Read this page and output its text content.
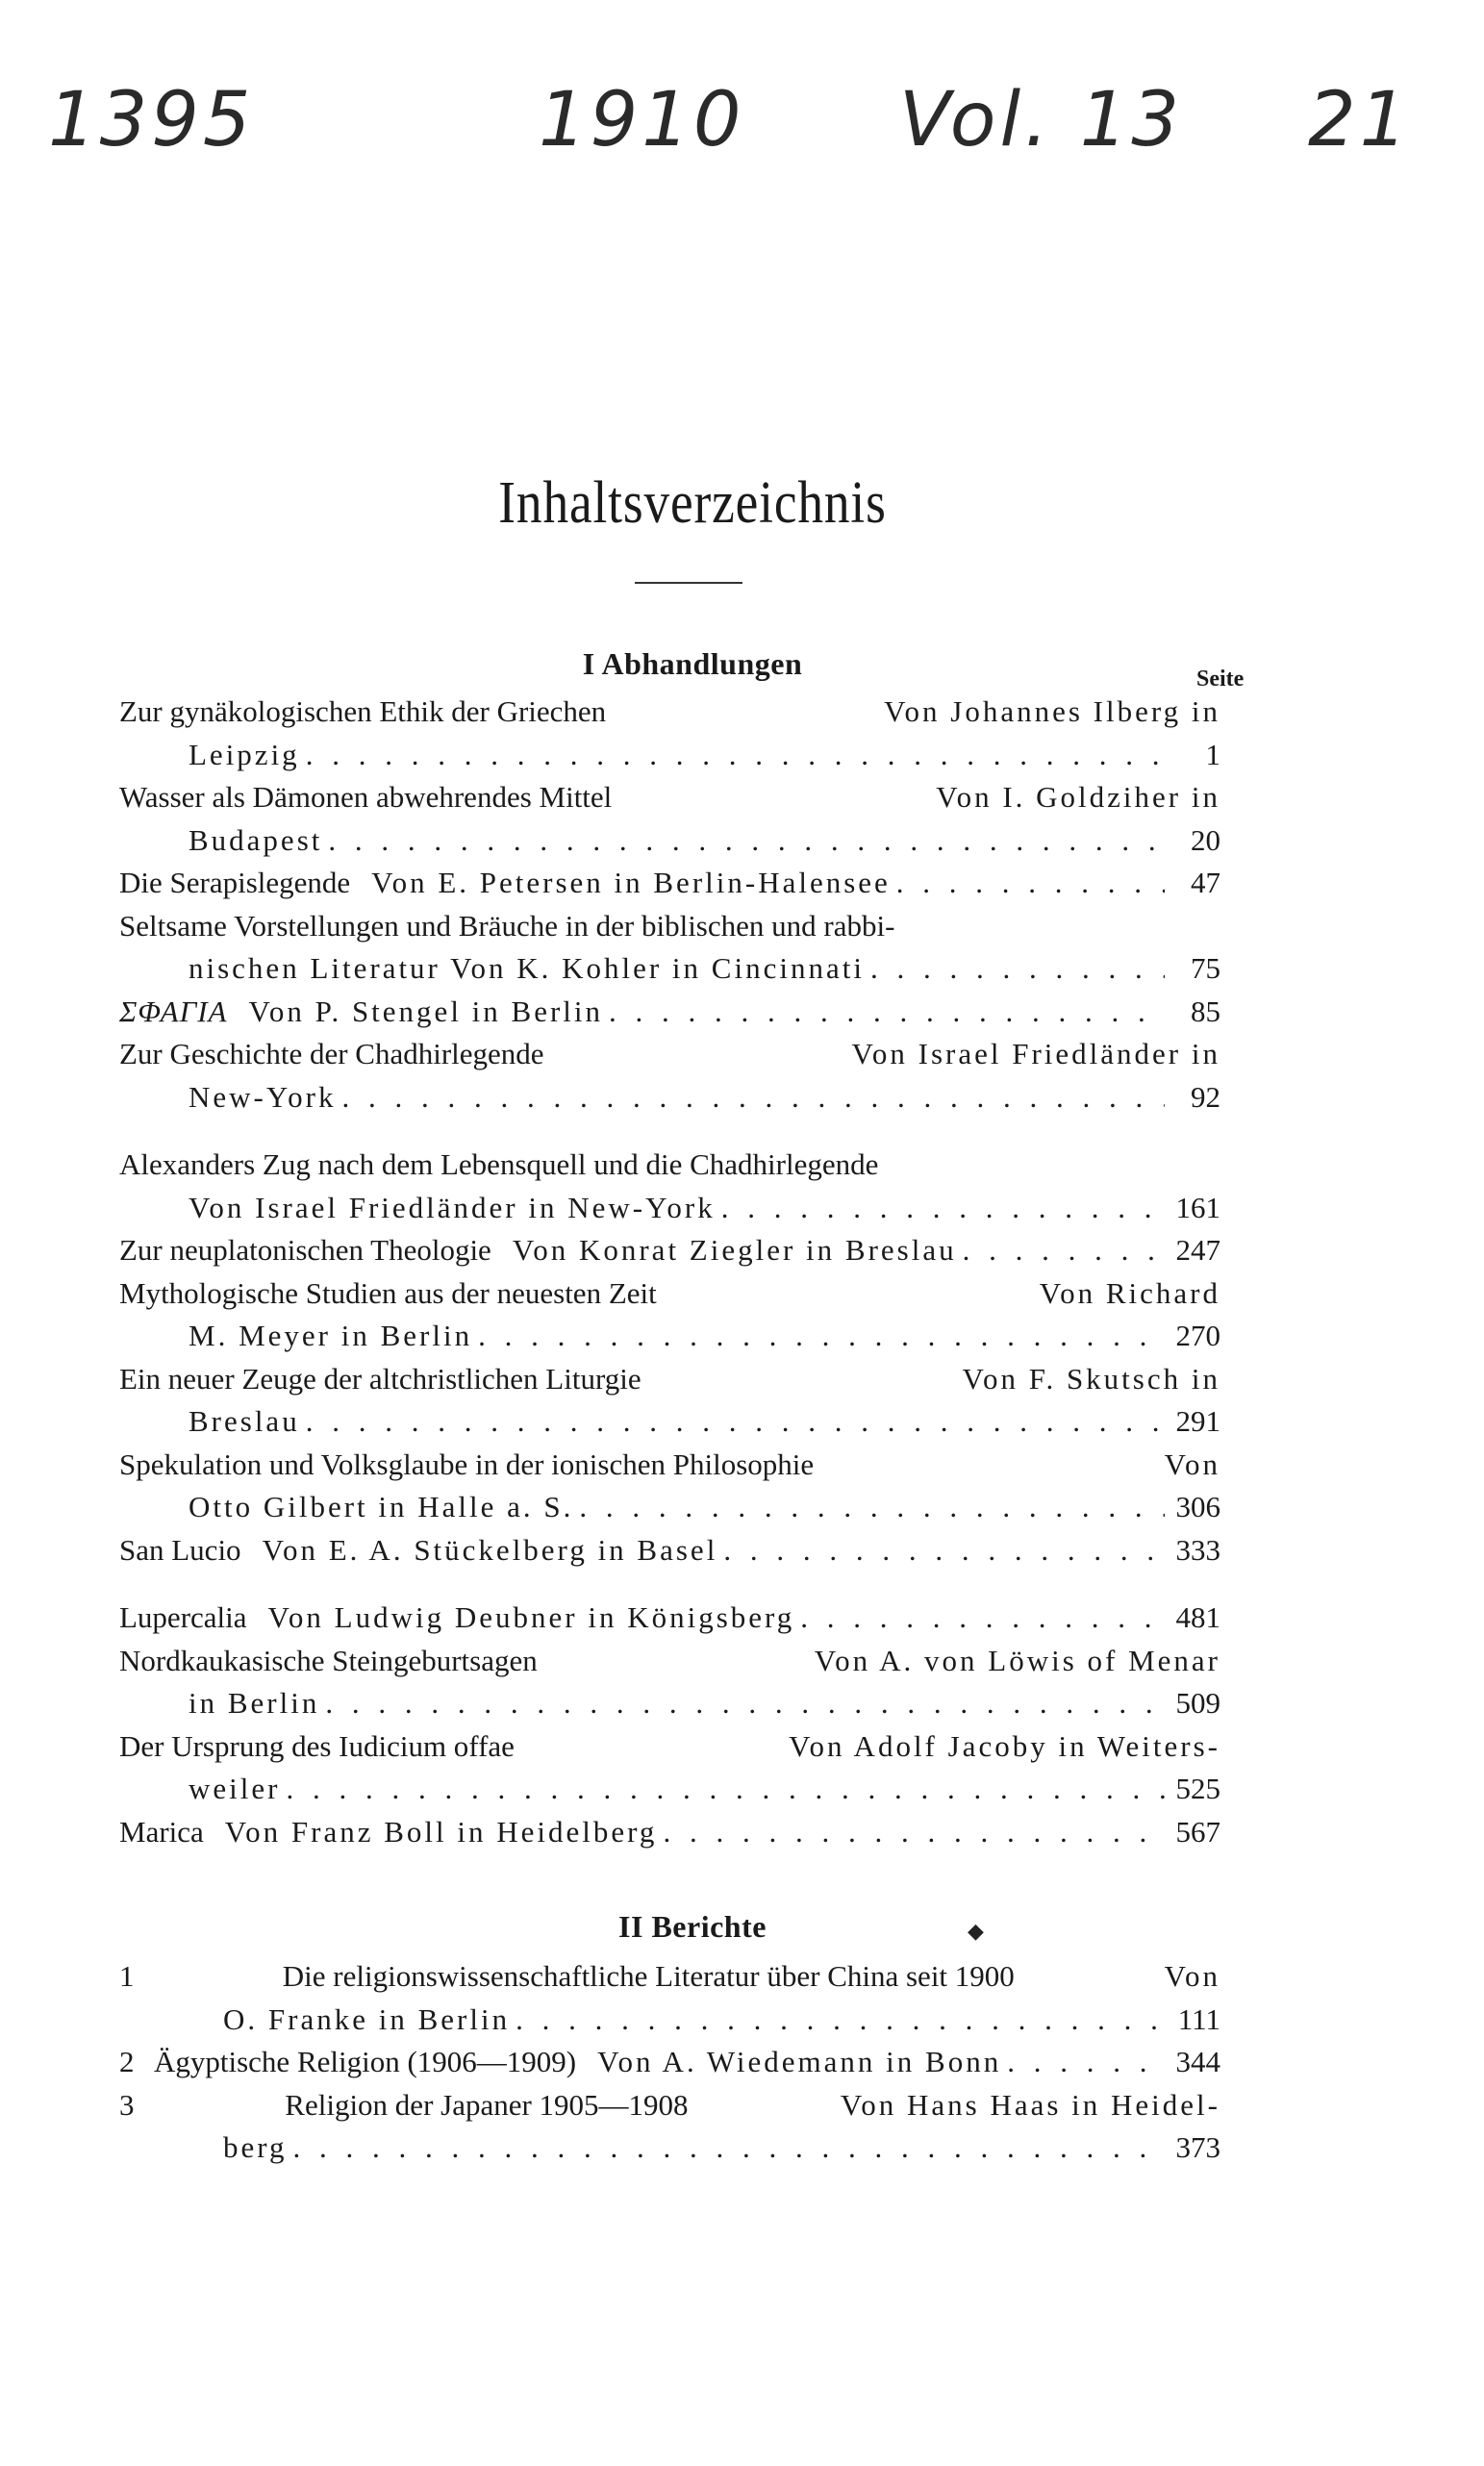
1395	1910 Vol. 13 21
Inhaltsverzeichnis
I Abhandlungen	Seite
Zur gynäkologischen Ethik der Griechen	Von Johannes Ilberg in
Leipzig . . .	1
Wasser als Dämonen abwehrendes Mittel	Von I. Goldziher in
Budapest . . .	20
Die Serapislegende Von E. Petersen in Berlin-Halensee . . .	47
Seltsame Vorstellungen und Bräuche in der biblischen und rabbi-
nischen Literatur Von K. Kohler in Cincinnati . . .	75
ΣΦΑΓΙΑ Von P. Stengel in Berlin . . .	85
Zur Geschichte der Chadhirlegende	Von Israel Friedländer in
New-York . . .	92
Alexanders Zug nach dem Lebensquell und die Chadhirlegende
Von Israel Friedländer in New-York . . .	161
Zur neuplatonischen Theologie Von Konrat Ziegler in Breslau . . .	247
Mythologische Studien aus der neuesten Zeit	Von Richard
M. Meyer in Berlin . . .	270
Ein neuer Zeuge der altchristlichen Liturgie	Von F. Skutsch in
Breslau . . .	291
Spekulation und Volksglaube in der ionischen Philosophie	Von
Otto Gilbert in Halle a. S. . . .	306
San Lucio Von E. A. Stückelberg in Basel . . .	333
Lupercalia Von Ludwig Deubner in Königsberg . . .	481
Nordkaukasische Steingeburtsagen	Von A. von Löwis of Menar
in Berlin . . .	509
Der Ursprung des Iudicium offae	Von Adolf Jacoby in Weiters-
weiler . . .	525
Marica Von Franz Boll in Heidelberg . . .	567
II Berichte	◆
1	Die religionswissenschaftliche Literatur über China seit 1900	Von
O. Franke in Berlin . . .	111
2 Ägyptische Religion (1906—1909) Von A. Wiedemann in Bonn . . .	344
3	Religion der Japaner 1905—1908	Von Hans Haas in Heidel-
berg . . .	373
